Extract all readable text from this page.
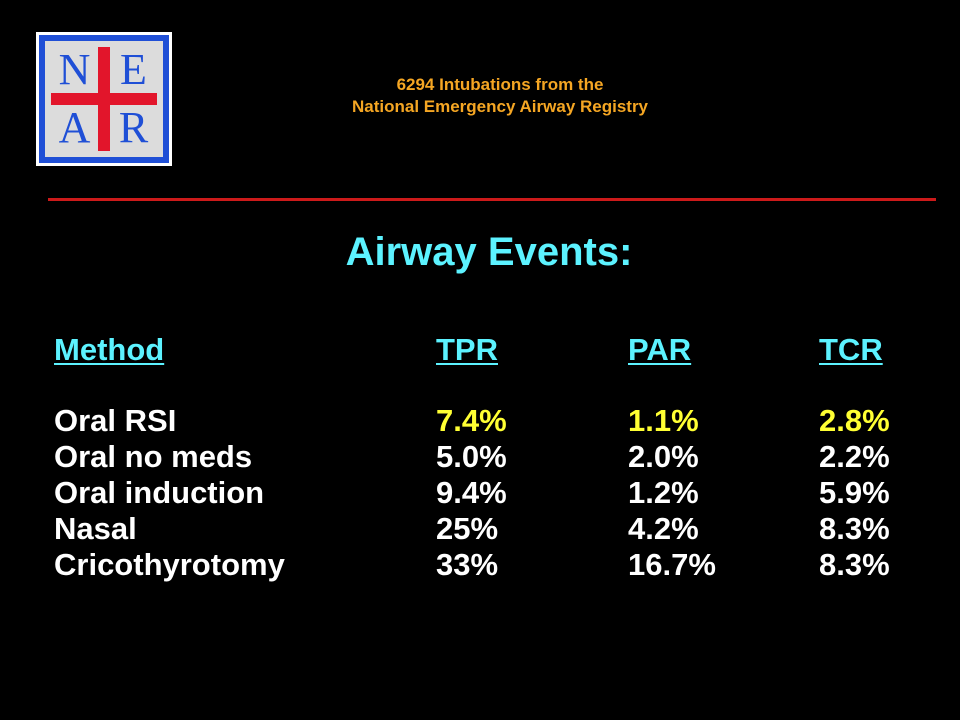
N E
A R
6294 Intubations from the
National Emergency Airway Registry
Airway Events:
Method	TPR	PAR	TCR
Oral RSI	7.4%	1.1%	2.8%
Oral no meds	5.0%	2.0%	2.2%
Oral induction	9.4%	1.2%	5.9%
Nasal	25%	4.2%	8.3%
Cricothyrotomy	33%	16.7%	8.3%
